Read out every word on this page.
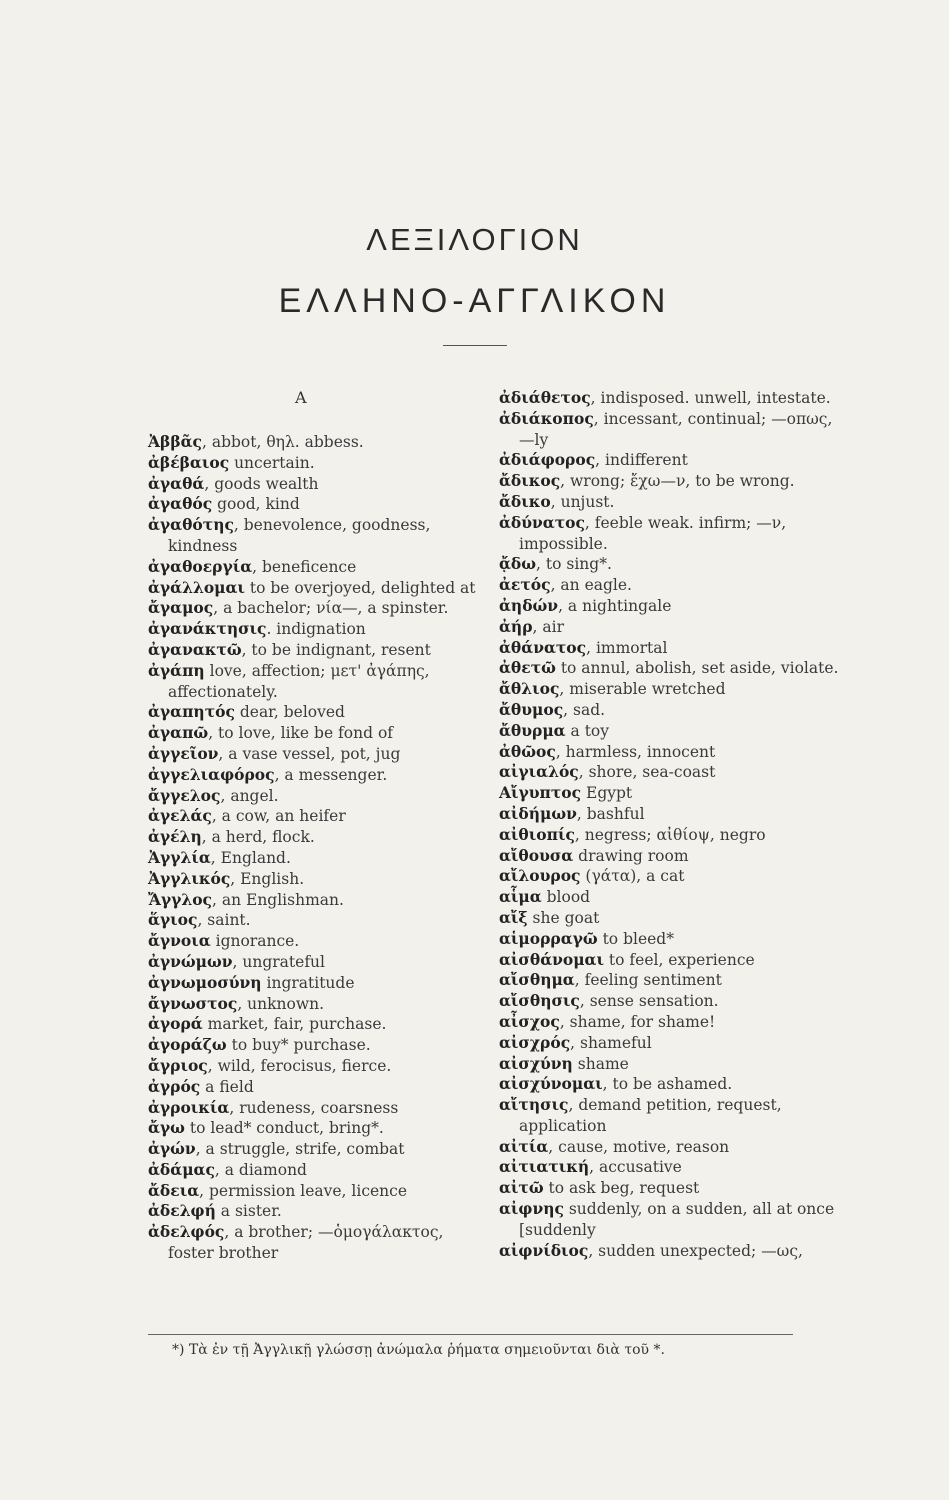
ΛΕΞΙΛΟΓΙΟΝ
ΕΛΛΗΝΟ-ΑΓΓΛΙΚΟΝ
Α
Ἀββᾶς, abbot, θηλ. abbess.
ἀβέβαιος uncertain.
ἀγαθά, goods wealth
ἀγαθός good, kind
ἀγαθότης, benevolence, goodness, kindness
ἀγαθοεργία, beneficence
ἀγάλλομαι to be overjoyed, delighted at
ἄγαμος, a bachelor; νία—, a spinster.
ἀγανάκτησις. indignation
ἀγανακτῶ, to be indignant, resent
ἀγάπη love, affection; μετ' ἀγάπης, affectionately.
ἀγαπητός dear, beloved
ἀγαπῶ, to love, like be fond of
ἀγγεῖον, a vase vessel, pot, jug
ἀγγελιαφόρος, a messenger.
ἄγγελος, angel.
ἀγελάς, a cow, an heifer
ἀγέλη, a herd, flock.
Ἀγγλία, England.
Ἀγγλικός, English.
Ἄγγλος, an Englishman.
ἅγιος, saint.
ἄγνοια ignorance.
ἀγνώμων, ungrateful
ἀγνωμοσύνη ingratitude
ἄγνωστος, unknown.
ἀγορά market, fair, purchase.
ἀγοράζω to buy* purchase.
ἄγριος, wild, ferocisus, fierce.
ἀγρός a field
ἀγροικία, rudeness, coarsness
ἄγω to lead* conduct, bring*.
ἀγών, a struggle, strife, combat
ἀδάμας, a diamond
ἄδεια, permission leave, licence
ἀδελφή a sister.
ἀδελφός, a brother; —ὁμογάλακτος, foster brother
ἀδιάθετος, indisposed. unwell, intestate.
ἀδιάκοπος, incessant, continual; —οπως, —ly
ἀδιάφορος, indifferent
ἄδικος, wrong; ἔχω—ν, to be wrong.
ἄδικο, unjust.
ἀδύνατος, feeble weak. infirm; —ν, impossible.
ᾄδω, to sing*.
ἀετός, an eagle.
ἀηδών, a nightingale
ἀήρ, air
ἀθάνατος, immortal
ἀθετῶ to annul, abolish, set aside, violate.
ἄθλιος, miserable wretched
ἄθυμος, sad.
ἄθυρμα a toy
ἀθῶος, harmless, innocent
αἰγιαλός, shore, sea-coast
Αἴγυπτος Egypt
αἰδήμων, bashful
αἰθιοπίς, negress; αἰθίοψ, negro
αἴθουσα drawing room
αἴλουρος (γάτα), a cat
αἷμα blood
αἴξ she goat
αἱμορραγῶ to bleed*
αἰσθάνομαι to feel, experience
αἴσθημα, feeling sentiment
αἴσθησις, sense sensation.
αἶσχος, shame, for shame!
αἰσχρός, shameful
αἰσχύνη shame
αἰσχύνομαι, to be ashamed.
αἴτησις, demand petition, request, application
αἰτία, cause, motive, reason
αἰτιατική, accusative
αἰτῶ to ask beg, request
αἰφνης suddenly, on a sudden, all at once [suddenly
αἰφνίδιος, sudden unexpected; —ως,
*) Τὰ ἐν τῇ Ἀγγλικῇ γλώσσῃ ἀνώμαλα ῥήματα σημειοῦνται διὰ τοῦ *.
